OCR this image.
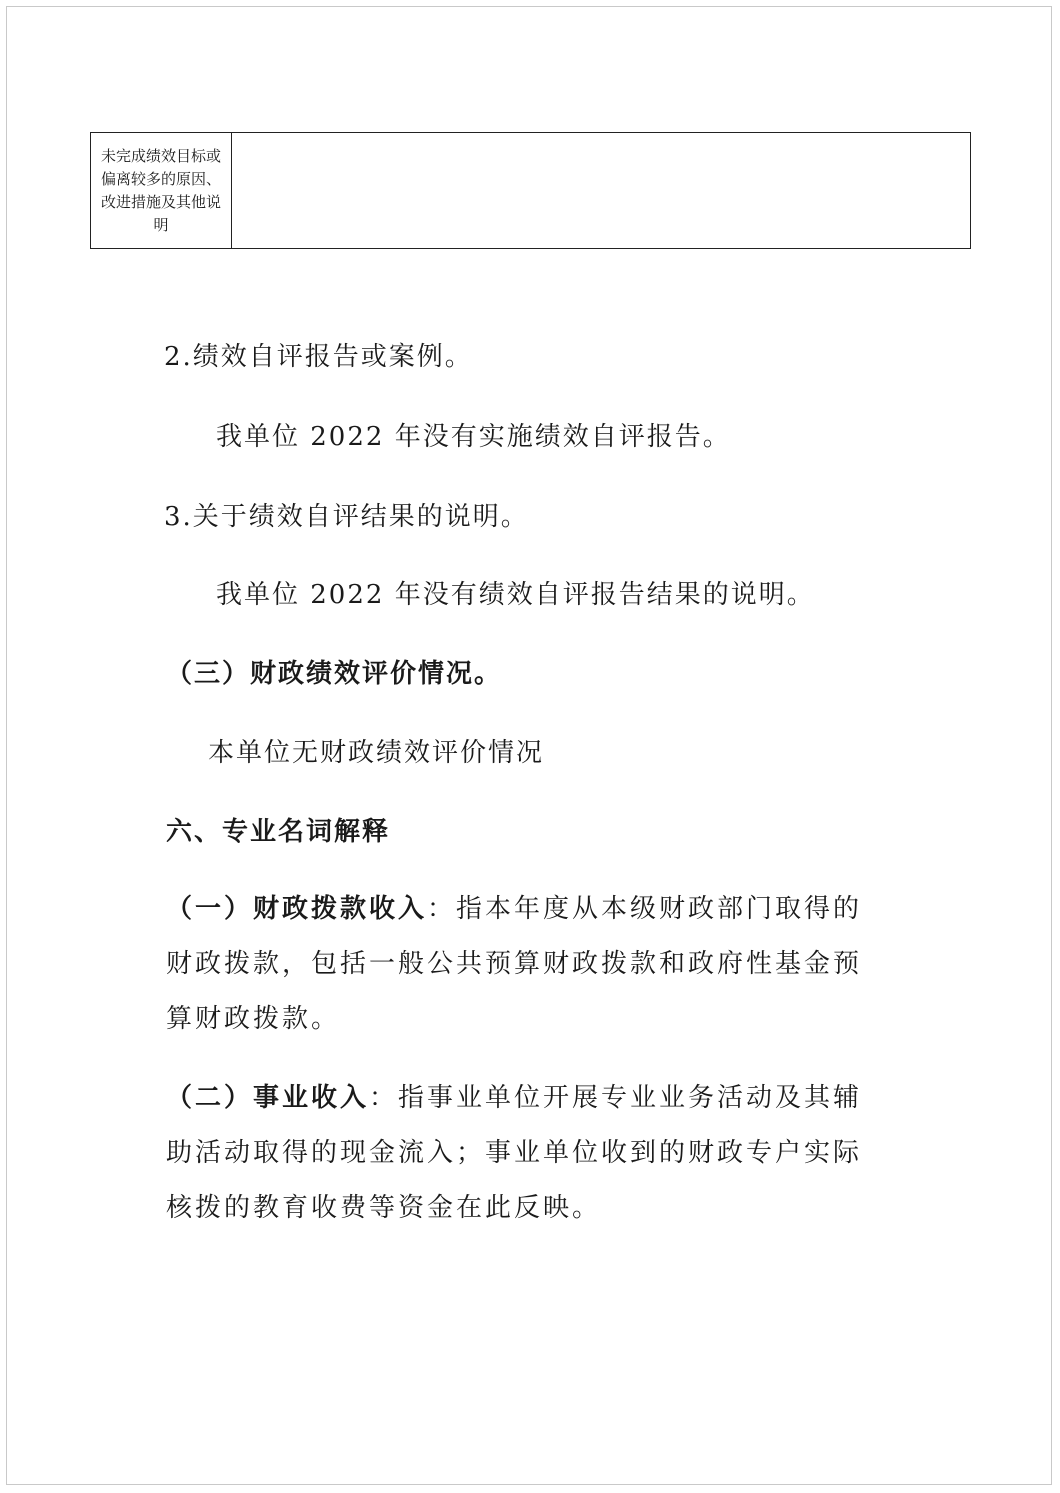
未完成绩效目标或偏离较多的原因、改进措施及其他说明

2.绩效自评报告或案例。

我单位 2022 年没有实施绩效自评报告。

3.关于绩效自评结果的说明。

我单位 2022 年没有绩效自评报告结果的说明。

（三）财政绩效评价情况。

本单位无财政绩效评价情况

六、专业名词解释

（一）财政拨款收入：指本年度从本级财政部门取得的财政拨款，包括一般公共预算财政拨款和政府性基金预算财政拨款。

（二）事业收入：指事业单位开展专业业务活动及其辅助活动取得的现金流入；事业单位收到的财政专户实际核拨的教育收费等资金在此反映。
